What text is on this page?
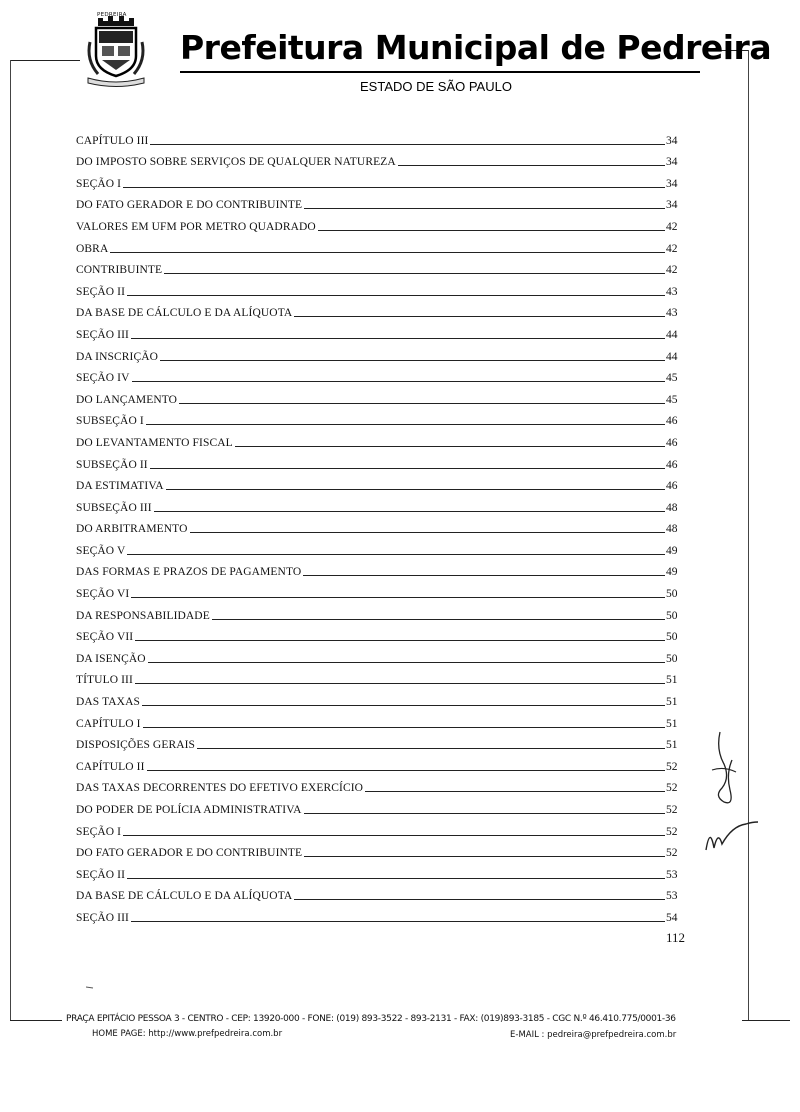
PEDREIRA
Prefeitura Municipal de Pedreira
ESTADO DE SÃO PAULO
CAPÍTULO III	34
DO IMPOSTO SOBRE SERVIÇOS DE QUALQUER NATUREZA	34
SEÇÃO I	34
DO FATO GERADOR E DO CONTRIBUINTE	34
VALORES EM UFM POR METRO QUADRADO	42
OBRA	42
CONTRIBUINTE	42
SEÇÃO II	43
DA BASE DE CÁLCULO E DA ALÍQUOTA	43
SEÇÃO III	44
DA INSCRIÇÃO	44
SEÇÃO IV	45
DO LANÇAMENTO	45
SUBSEÇÃO I	46
DO LEVANTAMENTO FISCAL	46
SUBSEÇÃO II	46
DA ESTIMATIVA	46
SUBSEÇÃO III	48
DO ARBITRAMENTO	48
SEÇÃO V	49
DAS FORMAS E PRAZOS DE PAGAMENTO	49
SEÇÃO VI	50
DA RESPONSABILIDADE	50
SEÇÃO VII	50
DA ISENÇÃO	50
TÍTULO III	51
DAS TAXAS	51
CAPÍTULO I	51
DISPOSIÇÕES GERAIS	51
CAPÍTULO II	52
DAS TAXAS DECORRENTES DO EFETIVO EXERCÍCIO	52
DO PODER DE POLÍCIA ADMINISTRATIVA	52
SEÇÃO I	52
DO FATO GERADOR E DO CONTRIBUINTE	52
SEÇÃO II	53
DA BASE DE CÁLCULO E DA ALÍQUOTA	53
SEÇÃO III	54
112
PRAÇA EPITÁCIO PESSOA 3 - CENTRO - CEP: 13920-000 - FONE: (019) 893-3522 - 893-2131 - FAX: (019)893-3185 - CGC N.º 46.410.775/0001-36
HOME PAGE: http://www.prefpedreira.com.br	E-MAIL : pedreira@prefpedreira.com.br
